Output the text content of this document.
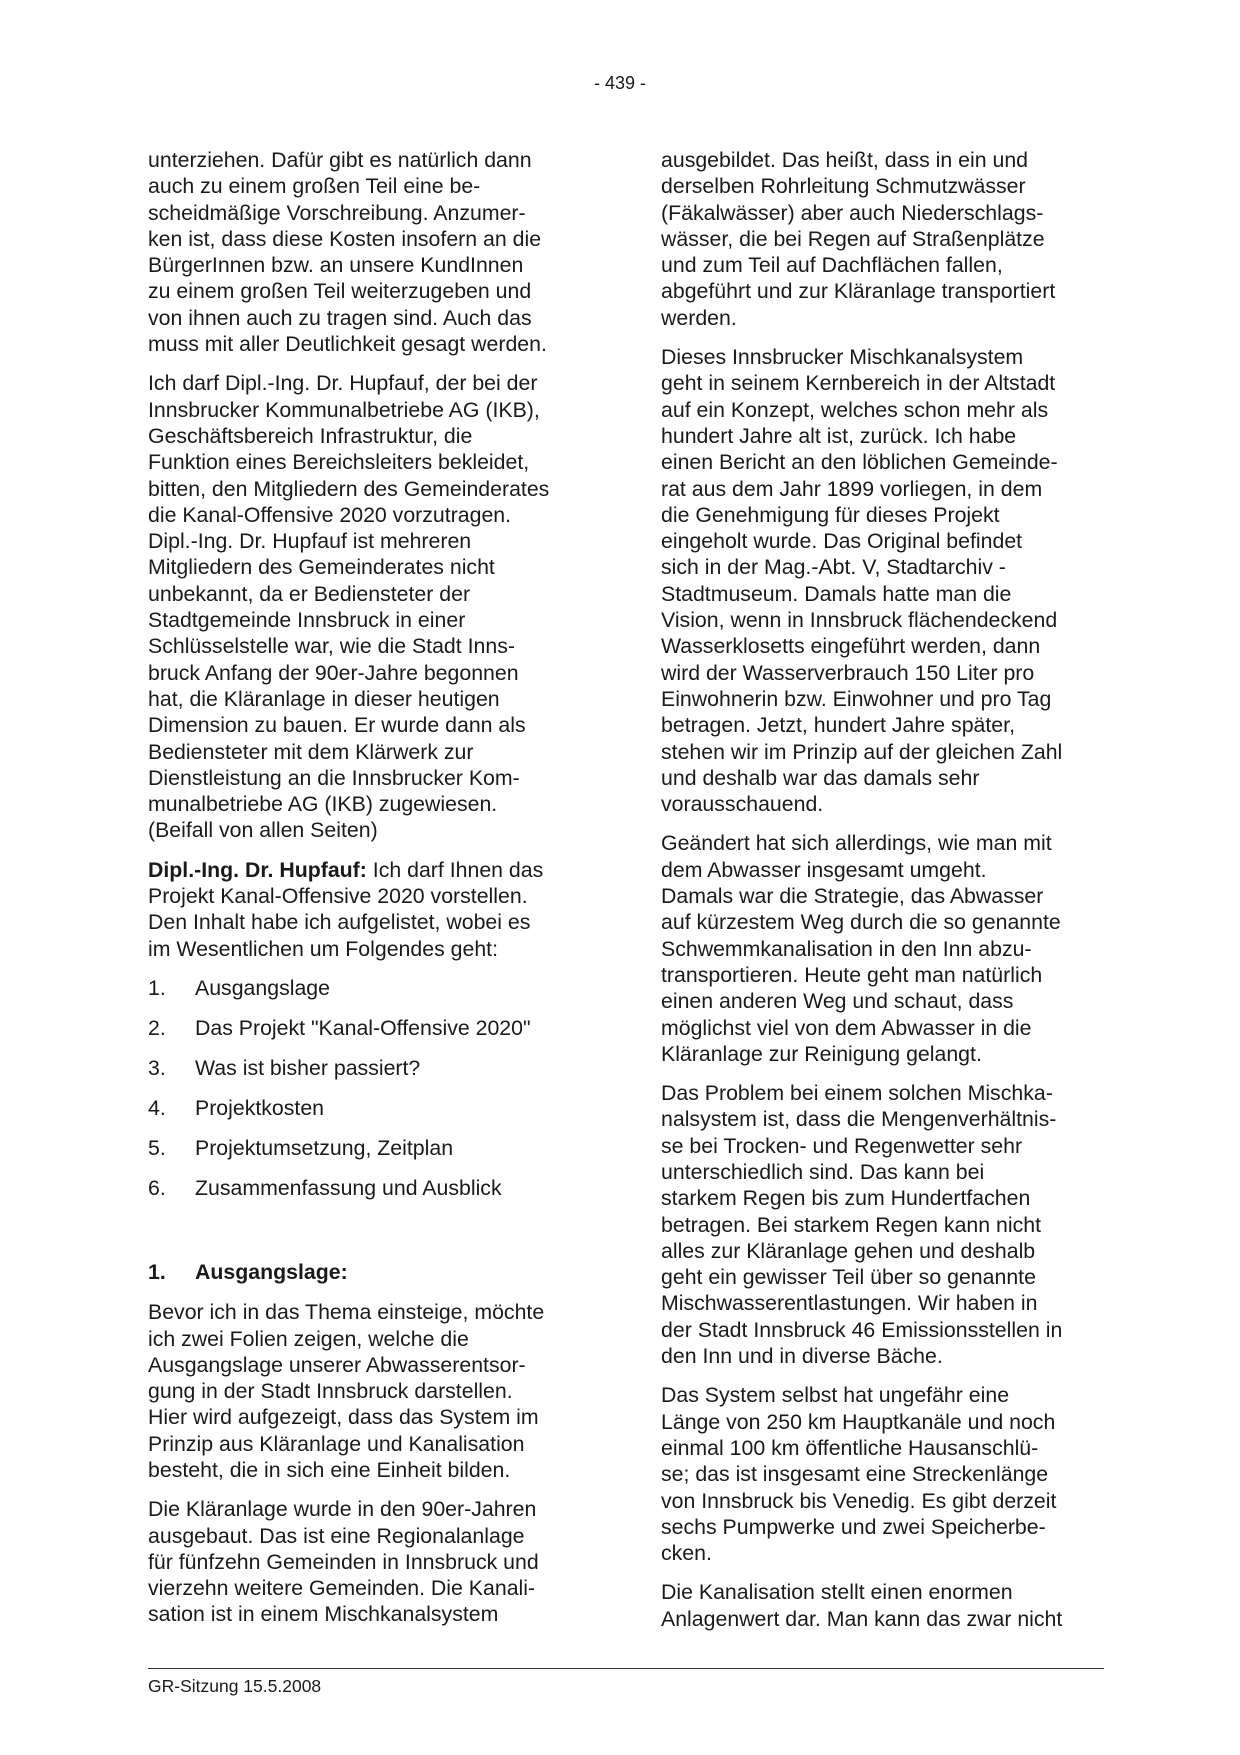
- 439 -
unterziehen. Dafür gibt es natürlich dann
auch zu einem großen Teil eine be-
scheidmäßige Vorschreibung. Anzumer-
ken ist, dass diese Kosten insofern an die
BürgerInnen bzw. an unsere KundInnen
zu einem großen Teil weiterzugeben und
von ihnen auch zu tragen sind. Auch das
muss mit aller Deutlichkeit gesagt werden.
Ich darf Dipl.-Ing. Dr. Hupfauf, der bei der
Innsbrucker Kommunalbetriebe AG (IKB),
Geschäftsbereich Infrastruktur, die
Funktion eines Bereichsleiters bekleidet,
bitten, den Mitgliedern des Gemeinderates
die Kanal-Offensive 2020 vorzutragen.
Dipl.-Ing. Dr. Hupfauf ist mehreren
Mitgliedern des Gemeinderates nicht
unbekannt, da er Bediensteter der
Stadtgemeinde Innsbruck in einer
Schlüsselstelle war, wie die Stadt Inns-
bruck Anfang der 90er-Jahre begonnen
hat, die Kläranlage in dieser heutigen
Dimension zu bauen. Er wurde dann als
Bediensteter mit dem Klärwerk zur
Dienstleistung an die Innsbrucker Kom-
munalbetriebe AG (IKB) zugewiesen.
(Beifall von allen Seiten)
Dipl.-Ing. Dr. Hupfauf: Ich darf Ihnen das
Projekt Kanal-Offensive 2020 vorstellen.
Den Inhalt habe ich aufgelistet, wobei es
im Wesentlichen um Folgendes geht:
1. Ausgangslage
2. Das Projekt "Kanal-Offensive 2020"
3. Was ist bisher passiert?
4. Projektkosten
5. Projektumsetzung, Zeitplan
6. Zusammenfassung und Ausblick
1. Ausgangslage:
Bevor ich in das Thema einsteige, möchte
ich zwei Folien zeigen, welche die
Ausgangslage unserer Abwasserentsor-
gung in der Stadt Innsbruck darstellen.
Hier wird aufgezeigt, dass das System im
Prinzip aus Kläranlage und Kanalisation
besteht, die in sich eine Einheit bilden.
Die Kläranlage wurde in den 90er-Jahren
ausgebaut. Das ist eine Regionalanlage
für fünfzehn Gemeinden in Innsbruck und
vierzehn weitere Gemeinden. Die Kanali-
sation ist in einem Mischkanalsystem
ausgebildet. Das heißt, dass in ein und
derselben Rohrleitung Schmutzwässer
(Fäkalwässer) aber auch Niederschlags-
wässer, die bei Regen auf Straßenplätze
und zum Teil auf Dachflächen fallen,
abgeführt und zur Kläranlage transportiert
werden.
Dieses Innsbrucker Mischkanalsystem
geht in seinem Kernbereich in der Altstadt
auf ein Konzept, welches schon mehr als
hundert Jahre alt ist, zurück. Ich habe
einen Bericht an den löblichen Gemeinde-
rat aus dem Jahr 1899 vorliegen, in dem
die Genehmigung für dieses Projekt
eingeholt wurde. Das Original befindet
sich in der Mag.-Abt. V, Stadtarchiv -
Stadtmuseum. Damals hatte man die
Vision, wenn in Innsbruck flächendeckend
Wasserklosetts eingeführt werden, dann
wird der Wasserverbrauch 150 Liter pro
Einwohnerin bzw. Einwohner und pro Tag
betragen. Jetzt, hundert Jahre später,
stehen wir im Prinzip auf der gleichen Zahl
und deshalb war das damals sehr
vorausschauend.
Geändert hat sich allerdings, wie man mit
dem Abwasser insgesamt umgeht.
Damals war die Strategie, das Abwasser
auf kürzestem Weg durch die so genannte
Schwemmkanalisation in den Inn abzu-
transportieren. Heute geht man natürlich
einen anderen Weg und schaut, dass
möglichst viel von dem Abwasser in die
Kläranlage zur Reinigung gelangt.
Das Problem bei einem solchen Mischka-
nalsystem ist, dass die Mengenverhältnis-
se bei Trocken- und Regenwetter sehr
unterschiedlich sind. Das kann bei
starkem Regen bis zum Hundertfachen
betragen. Bei starkem Regen kann nicht
alles zur Kläranlage gehen und deshalb
geht ein gewisser Teil über so genannte
Mischwasserentlastungen. Wir haben in
der Stadt Innsbruck 46 Emissionsstellen in
den Inn und in diverse Bäche.
Das System selbst hat ungefähr eine
Länge von 250 km Hauptkanäle und noch
einmal 100 km öffentliche Hausanschlü-
se; das ist insgesamt eine Streckenlänge
von Innsbruck bis Venedig. Es gibt derzeit
sechs Pumpwerke und zwei Speicherbe-
cken.
Die Kanalisation stellt einen enormen
Anlagenwert dar. Man kann das zwar nicht
GR-Sitzung 15.5.2008
